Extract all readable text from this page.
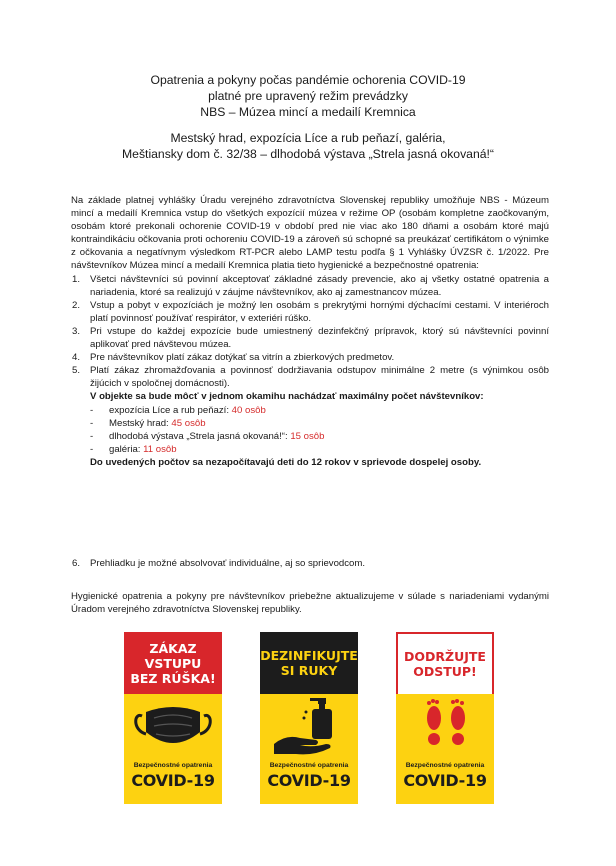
Opatrenia a pokyny počas pandémie ochorenia COVID-19
platné pre upravený režim prevádzky
NBS – Múzea mincí a medailí Kremnica
Mestský hrad, expozícia Líce a rub peňazí, galéria,
Meštiansky dom č. 32/38 – dlhodobá výstava „Strela jasná okovaná!“

Na základe platnej vyhlášky Úradu verejného zdravotníctva Slovenskej republiky umožňuje NBS - Múzeum mincí a medailí Kremnica vstup do všetkých expozícií múzea v režime OP (osobám kompletne zaočkovaným, osobám ktoré prekonali ochorenie COVID-19 v období pred nie viac ako 180 dňami a osobám ktoré majú kontraindikáciu očkovania proti ochoreniu COVID-19 a zároveň sú schopné sa preukázať certifikátom o výnimke z očkovania a negatívnym výsledkom RT-PCR alebo LAMP testu podľa § 1 Vyhlášky ÚVZSR č. 1/2022. Pre návštevníkov Múzea mincí a medailí Kremnica platia tieto hygienické a bezpečnostné opatrenia:

1. Všetci návštevníci sú povinní akceptovať základné zásady prevencie, ako aj všetky ostatné opatrenia a nariadenia, ktoré sa realizujú v záujme návštevníkov, ako aj zamestnancov múzea.
2. Vstup a pobyt v expozíciách je možný len osobám s prekrytými hornými dýchacími cestami. V interiéroch platí povinnosť používať respirátor, v exteriéri rúško.
3. Pri vstupe do každej expozície bude umiestnený dezinfekčný prípravok, ktorý sú návštevníci povinní aplikovať pred návštevou múzea.
4. Pre návštevníkov platí zákaz dotýkať sa vitrín a zbierkových predmetov.
5. Platí zákaz zhromažďovania a povinnosť dodržiavania odstupov minimálne 2 metre (s výnimkou osôb žijúcich v spoločnej domácnosti).
V objekte sa bude môcť v jednom okamihu nachádzať maximálny počet návštevníkov:
- expozícia Líce a rub peňazí: 40 osôb
- Mestský hrad: 45 osôb
- dlhodobá výstava „Strela jasná okovaná!“: 15 osôb
- galéria: 11 osôb
Do uvedených počtov sa nezapočítavajú deti do 12 rokov v sprievode dospelej osoby.
6.	Prehliadku je možné absolvovať individuálne, aj so sprievodcom.

Hygienické opatrenia a pokyny pre návštevníkov priebežne aktualizujeme v súlade s nariadeniami vydanými Úradom verejného zdravotníctva Slovenskej republiky.

ZÁKAZ VSTUPU
BEZ RÚŠKA!
Bezpečnostné opatrenia
COVID-19
DEZINFIKUJTE
SI RUKY
Bezpečnostné opatrenia
COVID-19
DODRŽUJTE
ODSTUP!
Bezpečnostné opatrenia
COVID-19
